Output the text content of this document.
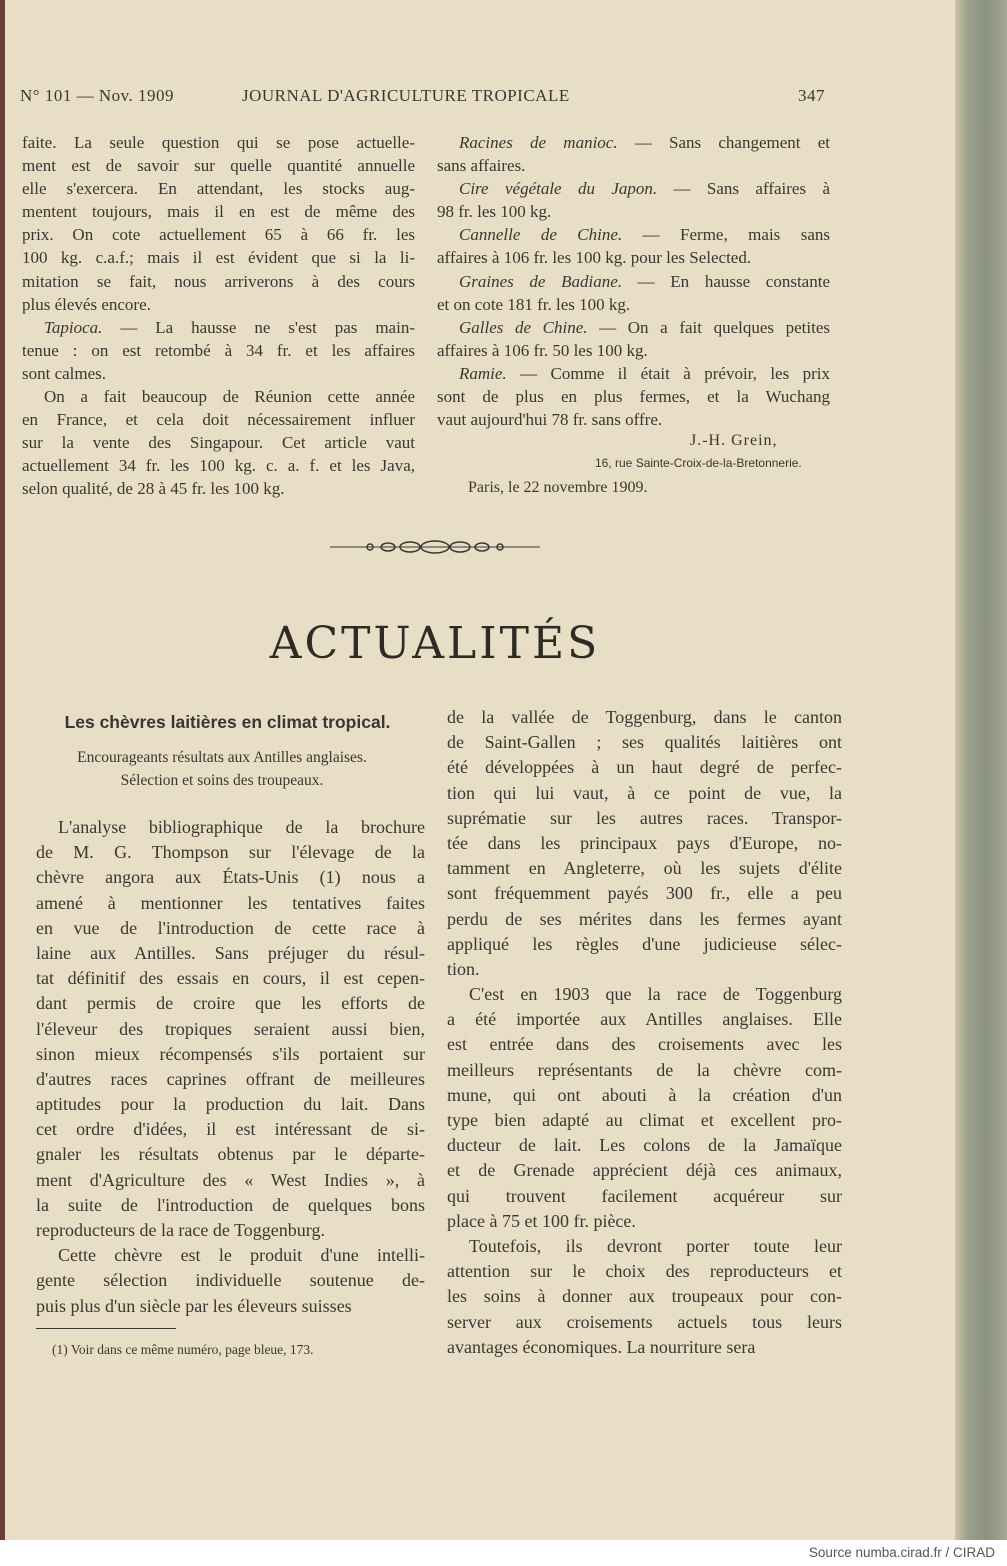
N° 101 — Nov. 1909	JOURNAL D'AGRICULTURE TROPICALE	347
faite. La seule question qui se pose actuelle-
ment est de savoir sur quelle quantité annuelle
elle s'exercera. En attendant, les stocks aug-
mentent toujours, mais il en est de même des
prix. On cote actuellement 65 à 66 fr. les
100 kg. c.a.f.; mais il est évident que si la li-
mitation se fait, nous arriverons à des cours
plus élevés encore.
Tapioca. — La hausse ne s'est pas main-
tenue : on est retombé à 34 fr. et les affaires
sont calmes.
On a fait beaucoup de Réunion cette année
en France, et cela doit nécessairement influer
sur la vente des Singapour. Cet article vaut
actuellement 34 fr. les 100 kg. c. a. f. et les Java,
selon qualité, de 28 à 45 fr. les 100 kg.
Racines de manioc. — Sans changement et
sans affaires.
Cire végétale du Japon. — Sans affaires à
98 fr. les 100 kg.
Cannelle de Chine. — Ferme, mais sans
affaires à 106 fr. les 100 kg. pour les Selected.
Graines de Badiane. — En hausse constante
et on cote 181 fr. les 100 kg.
Galles de Chine. — On a fait quelques petites
affaires à 106 fr. 50 les 100 kg.
Ramie. — Comme il était à prévoir, les prix
sont de plus en plus fermes, et la Wuchang
vaut aujourd'hui 78 fr. sans offre.
J.-H. Grein,
16, rue Sainte-Croix-de-la-Bretonnerie.
Paris, le 22 novembre 1909.
ACTUALITÉS
Les chèvres laitières en climat tropical.
Encourageants résultats aux Antilles anglaises.
Sélection et soins des troupeaux.
L'analyse bibliographique de la brochure
de M. G. Thompson sur l'élevage de la
chèvre angora aux États-Unis (1) nous a
amené à mentionner les tentatives faites
en vue de l'introduction de cette race à
laine aux Antilles. Sans préjuger du résul-
tat définitif des essais en cours, il est cepen-
dant permis de croire que les efforts de
l'éleveur des tropiques seraient aussi bien,
sinon mieux récompensés s'ils portaient sur
d'autres races caprines offrant de meilleures
aptitudes pour la production du lait. Dans
cet ordre d'idées, il est intéressant de si-
gnaler les résultats obtenus par le départe-
ment d'Agriculture des « West Indies », à
la suite de l'introduction de quelques bons
reproducteurs de la race de Toggenburg.
Cette chèvre est le produit d'une intelli-
gente sélection individuelle soutenue de-
puis plus d'un siècle par les éleveurs suisses
de la vallée de Toggenburg, dans le canton
de Saint-Gallen ; ses qualités laitières ont
été développées à un haut degré de perfec-
tion qui lui vaut, à ce point de vue, la
suprématie sur les autres races. Transpor-
tée dans les principaux pays d'Europe, no-
tamment en Angleterre, où les sujets d'élite
sont fréquemment payés 300 fr., elle a peu
perdu de ses mérites dans les fermes ayant
appliqué les règles d'une judicieuse sélec-
tion.
C'est en 1903 que la race de Toggenburg
a été importée aux Antilles anglaises. Elle
est entrée dans des croisements avec les
meilleurs représentants de la chèvre com-
mune, qui ont abouti à la création d'un
type bien adapté au climat et excellent pro-
ducteur de lait. Les colons de la Jamaïque
et de Grenade apprécient déjà ces animaux,
qui trouvent facilement acquéreur sur
place à 75 et 100 fr. pièce.
Toutefois, ils devront porter toute leur
attention sur le choix des reproducteurs et
les soins à donner aux troupeaux pour con-
server aux croisements actuels tous leurs
avantages économiques. La nourriture sera
(1) Voir dans ce même numéro, page bleue, 173.
Source numba.cirad.fr / CIRAD
